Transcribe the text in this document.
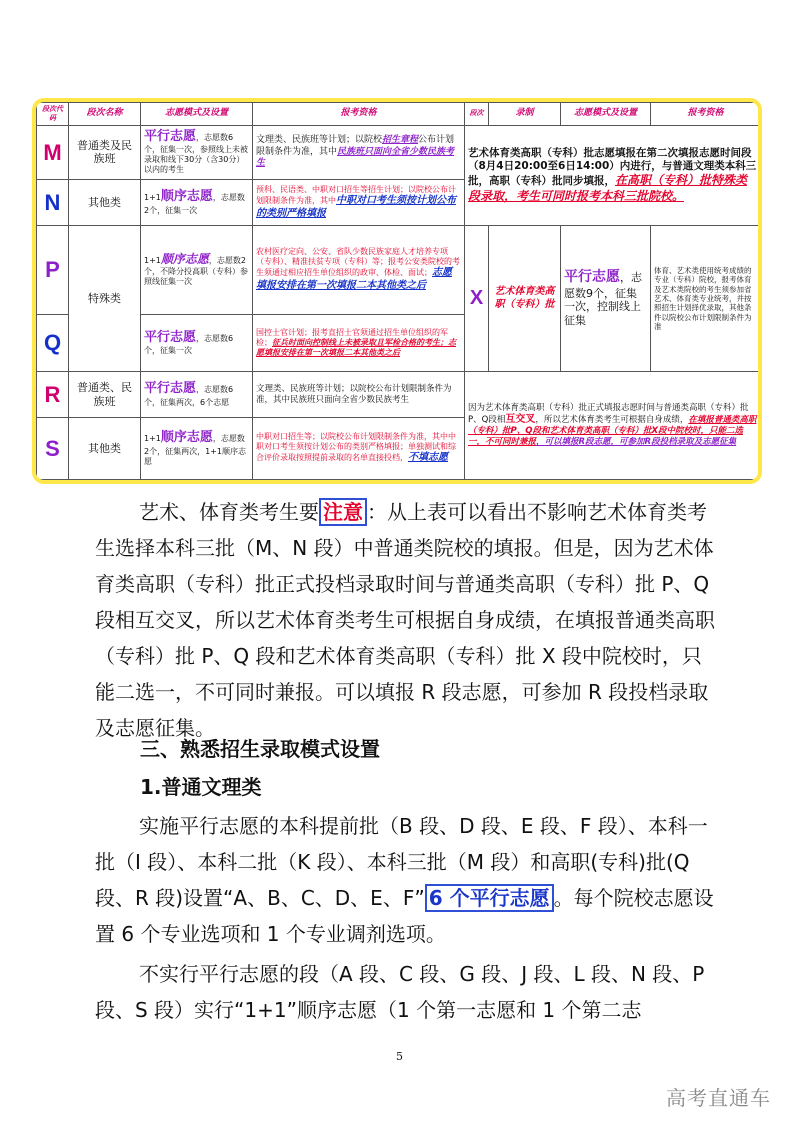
段次代码	段次名称	志愿模式及设置	报考资格	段次	录制	志愿模式及设置	报考资格
M	普通类及民族班	平行志愿，志愿数6个，征集一次，参照线上未被录取和线下30分（含30分）以内的考生	文理类、民族班等计划；以院校招生章程公布计划限制条件为准，其中民族班只面向全省少数民族考生	艺术体育类高职（专科）批志愿填报在第二次填报志愿时间段（8月4日20:00至6日14:00）内进行，与普通文理类本科三批，高职（专科）批同步填报，在高职（专科）批特殊类段录取，考生可同时报考本科三批院校。			
N	其他类	1+1顺序志愿，志愿数2个，征集一次	预科、民语类、中职对口招生等招生计划；以院校公布计划限制条件为准，其中中职对口考生须按计划公布的类别严格填报				
P	特殊类	1+1顺序志愿，志愿数2个，不降分投高职（专科）参照线征集一次	农村医疗定向、公安、省队少数民族家庭人才培养专项（专科）、精准扶贫专项（专科）等；报考公安类院校的考生须通过相应招生单位组织的政审、体检、面试；志愿填报安排在第一次填报二本其他类之后	X	艺术体育类高职（专科）批	平行志愿，志愿数9个，征集一次，控制线上征集	体育、艺术类使用统考成绩的专业（专科）院校，报考体育及艺术类院校的考生须参加省艺术、体育类专业统考，并按照招生计划择优录取，其他条件以院校公布计划限制条件为准
Q		平行志愿，志愿数6个，征集一次	国控士官计划；报考直招士官须通过招生单位组织的军检；征兵时面向控制线上未被录取且军检合格的考生；志愿填报安排在第一次填报二本其他类之后				
R	普通类、民族班	平行志愿，志愿数6个，征集两次，6个志愿	文理类、民族班等计划；以院校公布计划限制条件为准，其中民族班只面向全省少数民族考生	因为艺术体育类高职（专科）批正式填报志愿时间与普通类高职（专科）批P、Q段相互交叉，所以艺术体育类考生可根据自身成绩，在填报普通类高职（专科）批P、Q段和艺术体育类高职（专科）批X段中院校时，只能二选一，不可同时兼报，可以填报R段志愿，可参加R段投档录取及志愿征集			
S	其他类	1+1顺序志愿，志愿数2个，征集两次，1+1顺序志愿	中职对口招生等；以院校公布计划限制条件为准，其中中职对口考生须按计划公布的类别严格填报；单独测试和综合评价录取按照提前录取的名单直接投档，不填志愿				

艺术、体育类考生要 注意 ：从上表可以看出不影响艺术体育类考生选择本科三批（M、N 段）中普通类院校的填报。但是，因为艺术体育类高职（专科）批正式投档录取时间与普通类高职（专科）批 P、Q 段相互交叉，所以艺术体育类考生可根据自身成绩，在填报普通类高职（专科）批 P、Q 段和艺术体育类高职（专科）批 X 段中院校时，只能二选一，不可同时兼报。可以填报 R 段志愿，可参加 R 段投档录取及志愿征集。

三、熟悉招生录取模式设置
1.普通文理类

实施平行志愿的本科提前批（B 段、D 段、E 段、F 段）、本科一批（I 段）、本科二批（K 段）、本科三批（M 段）和高职(专科)批(Q 段、R 段)设置“A、B、C、D、E、F” 6 个平行志愿 。每个院校志愿设置 6 个专业选项和 1 个专业调剂选项。

不实行平行志愿的段（A 段、C 段、G 段、J 段、L 段、N 段、P 段、S 段）实行“1+1”顺序志愿（1 个第一志愿和 1 个第二志

5
高考直通车
